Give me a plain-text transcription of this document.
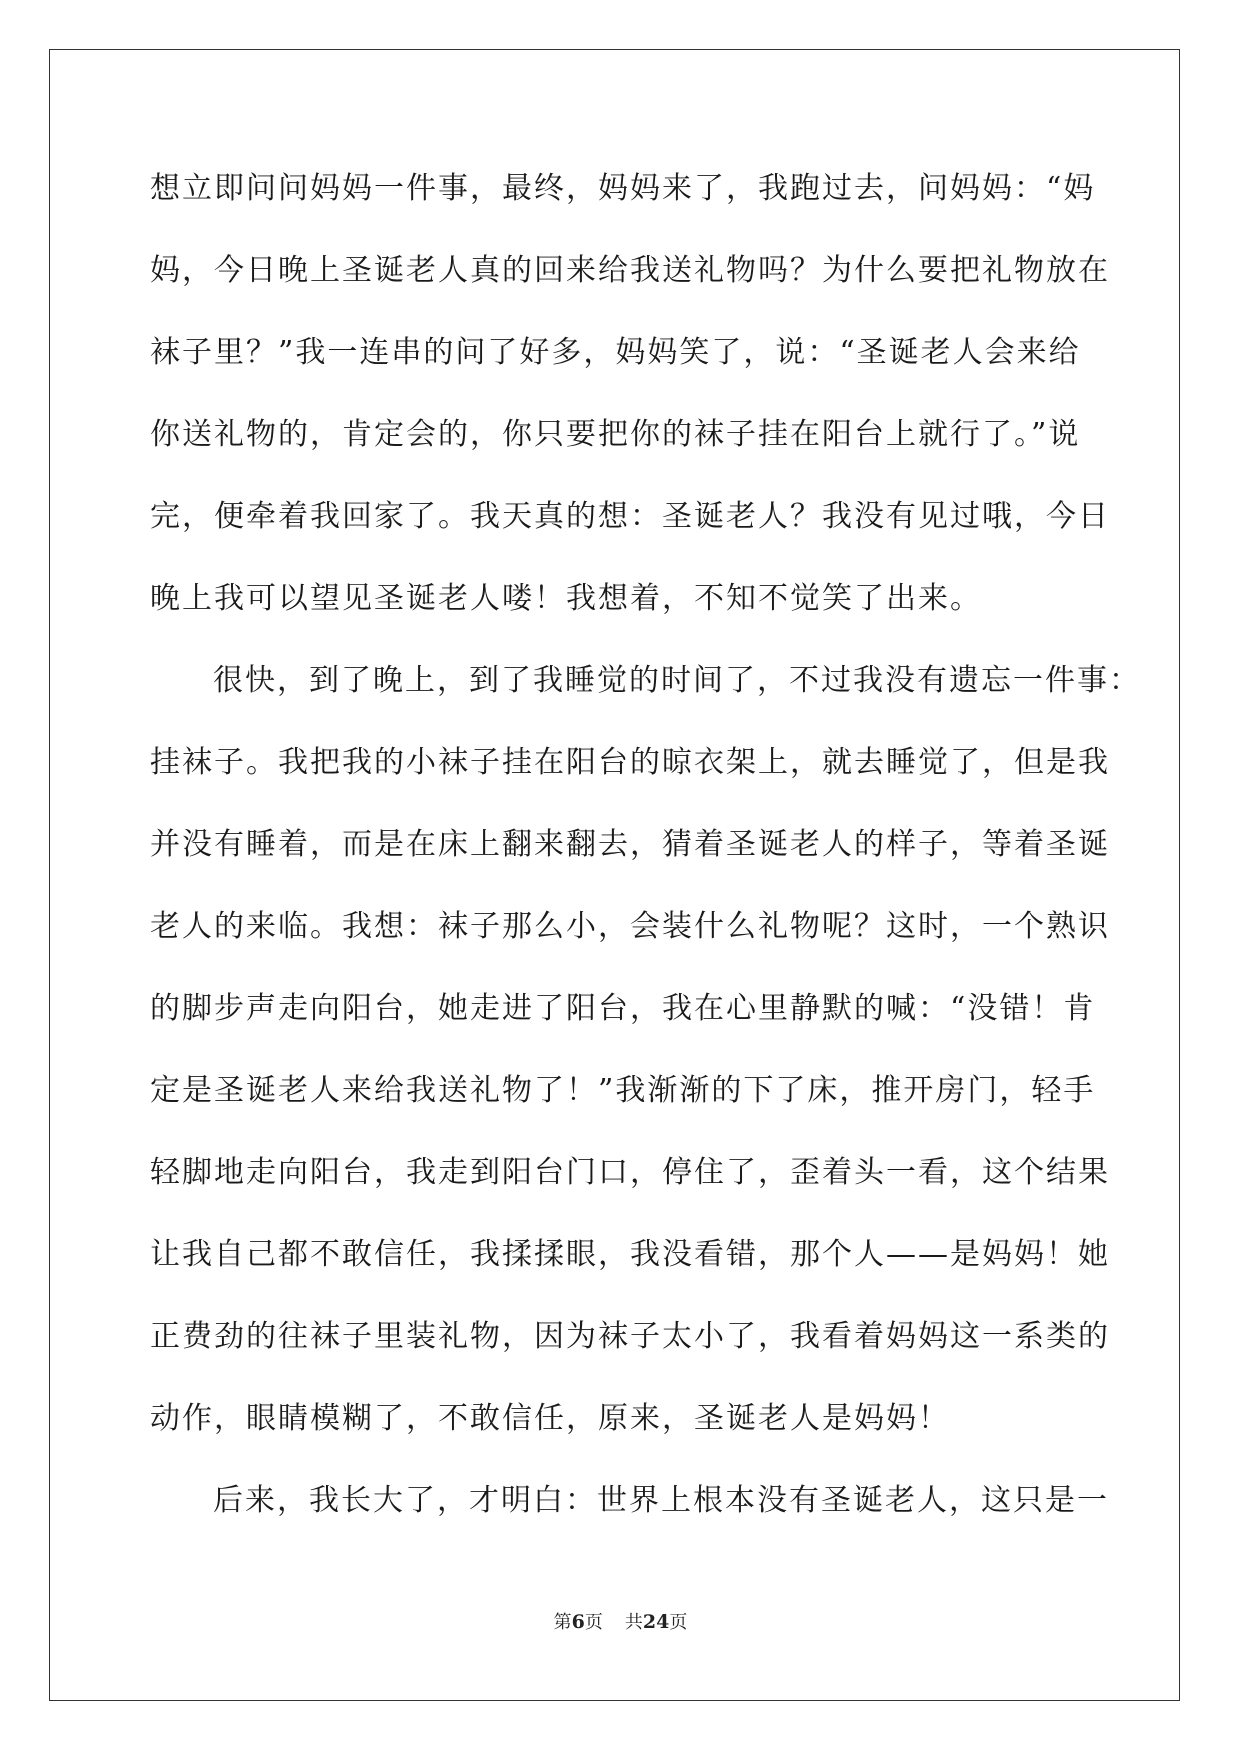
想立即问问妈妈一件事，最终，妈妈来了，我跑过去，问妈妈：“妈
妈，今日晚上圣诞老人真的回来给我送礼物吗？为什么要把礼物放在
袜子里？”我一连串的问了好多，妈妈笑了，说：“圣诞老人会来给
你送礼物的，肯定会的，你只要把你的袜子挂在阳台上就行了。”说
完，便牵着我回家了。我天真的想：圣诞老人？我没有见过哦，今日
晚上我可以望见圣诞老人喽！我想着，不知不觉笑了出来。
很快，到了晚上，到了我睡觉的时间了，不过我没有遗忘一件事：
挂袜子。我把我的小袜子挂在阳台的晾衣架上，就去睡觉了，但是我
并没有睡着，而是在床上翻来翻去，猜着圣诞老人的样子，等着圣诞
老人的来临。我想：袜子那么小，会装什么礼物呢？这时，一个熟识
的脚步声走向阳台，她走进了阳台，我在心里静默的喊：“没错！肯
定是圣诞老人来给我送礼物了！”我渐渐的下了床，推开房门，轻手
轻脚地走向阳台，我走到阳台门口，停住了，歪着头一看，这个结果
让我自己都不敢信任，我揉揉眼，我没看错，那个人——是妈妈！她
正费劲的往袜子里装礼物，因为袜子太小了，我看着妈妈这一系类的
动作，眼睛模糊了，不敢信任，原来，圣诞老人是妈妈！
后来，我长大了，才明白：世界上根本没有圣诞老人，这只是一
第6页 共24页
